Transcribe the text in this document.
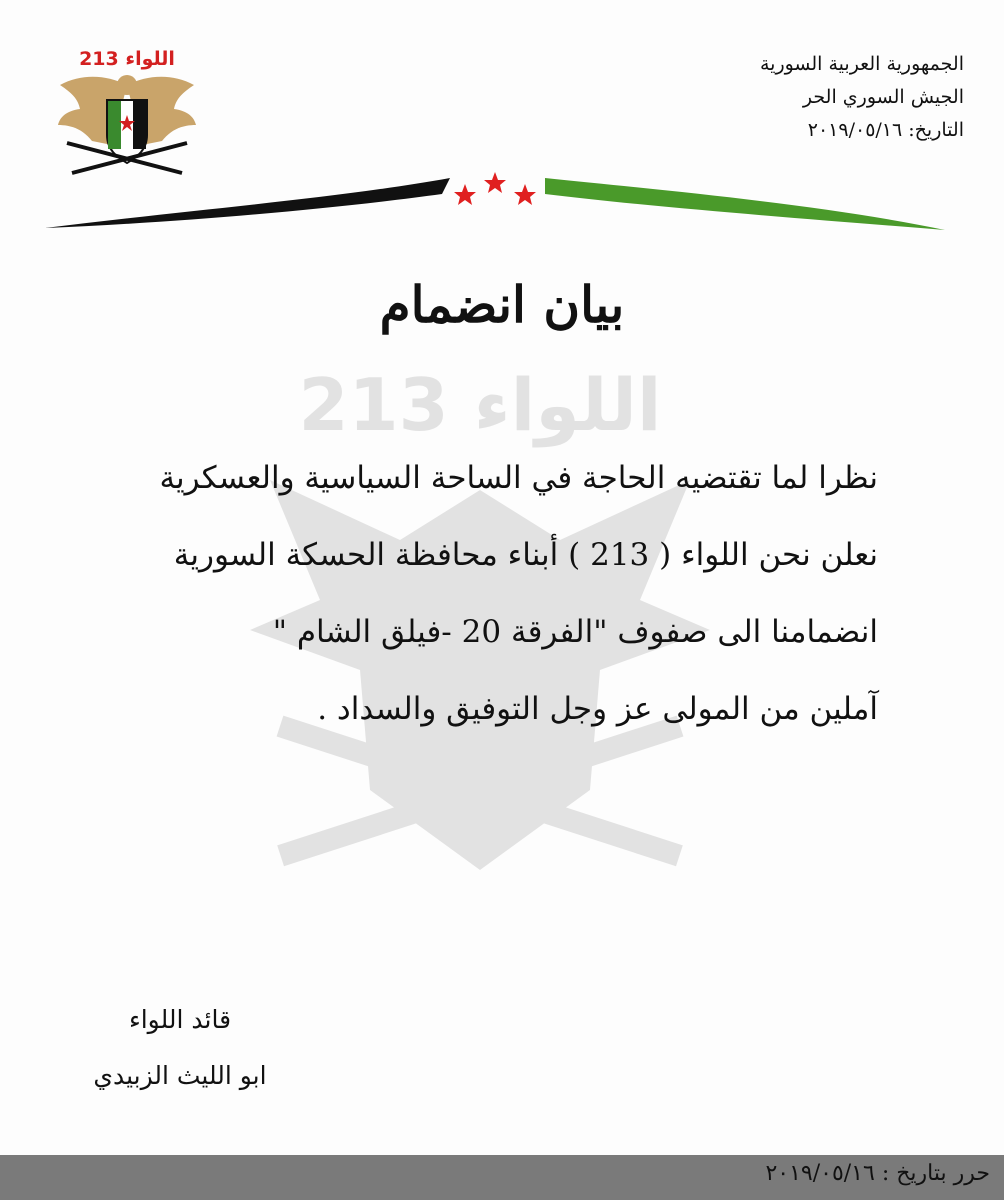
اللواء 213
الجمهورية العربية السورية
الجيش السوري الحر
التاريخ: ٢٠١٩/٠٥/١٦
اللواء 213
بيان انضمام
نظرا لما تقتضيه الحاجة في الساحة السياسية والعسكرية
نعلن نحن اللواء ( 213 ) أبناء محافظة الحسكة السورية
انضمامنا الى صفوف "الفرقة 20 -فيلق الشام "
آملين من المولى عز وجل التوفيق والسداد .
قائد اللواء
ابو الليث الزبيدي
حرر بتاريخ : ٢٠١٩/٠٥/١٦
